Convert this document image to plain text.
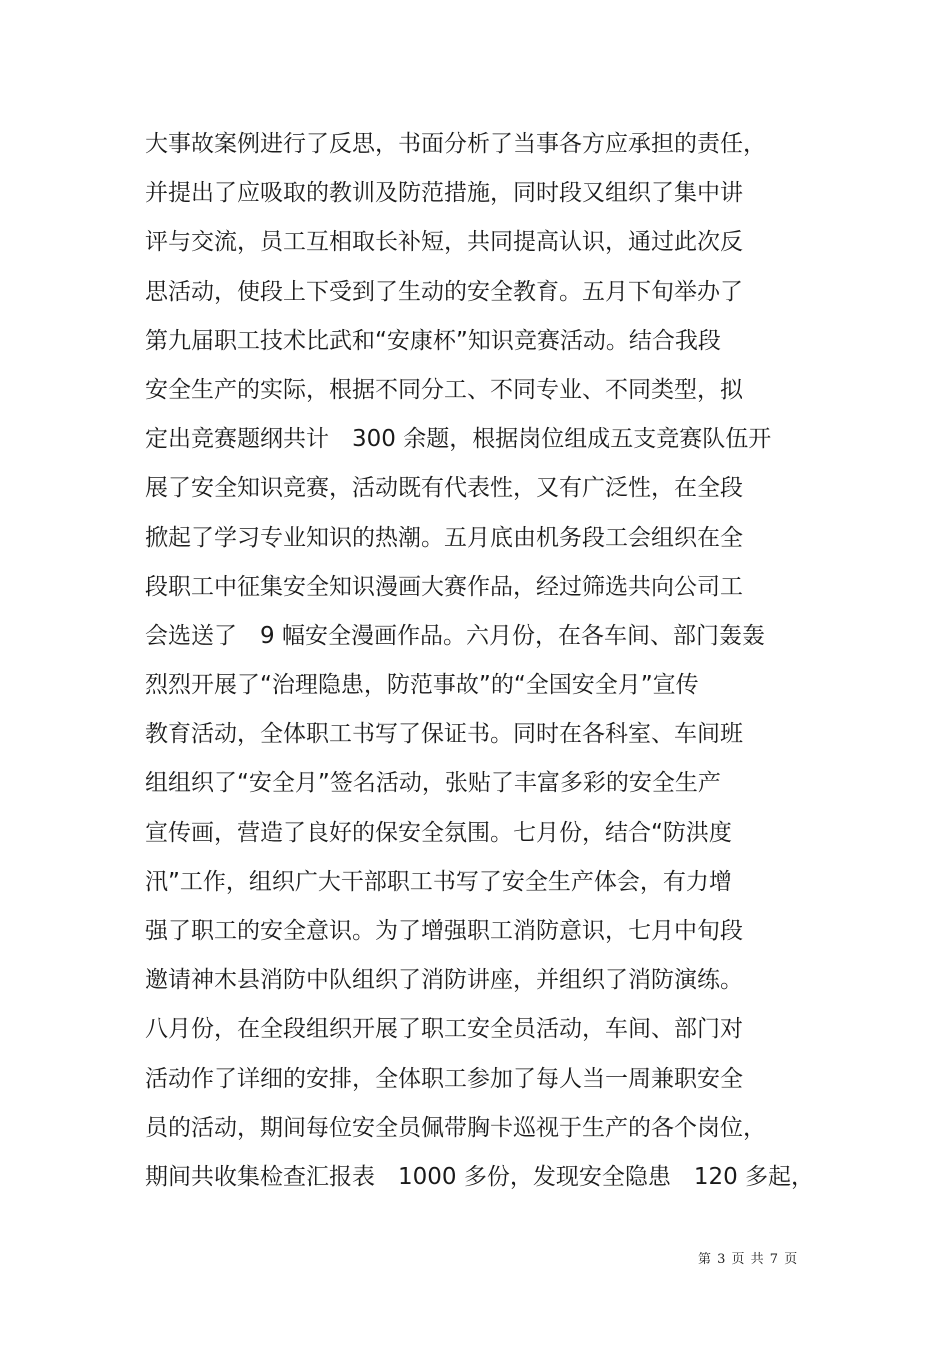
大事故案例进行了反思，书面分析了当事各方应承担的责任，
并提出了应吸取的教训及防范措施，同时段又组织了集中讲
评与交流，员工互相取长补短，共同提高认识，通过此次反
思活动，使段上下受到了生动的安全教育。五月下旬举办了
第九届职工技术比武和“安康杯”知识竞赛活动。结合我段
安全生产的实际，根据不同分工、不同专业、不同类型，拟
定出竞赛题纲共计　300 余题，根据岗位组成五支竞赛队伍开
展了安全知识竞赛，活动既有代表性，又有广泛性，在全段
掀起了学习专业知识的热潮。五月底由机务段工会组织在全
段职工中征集安全知识漫画大赛作品，经过筛选共向公司工
会选送了　9 幅安全漫画作品。六月份，在各车间、部门轰轰
烈烈开展了“治理隐患，防范事故”的“全国安全月”宣传
教育活动，全体职工书写了保证书。同时在各科室、车间班
组组织了“安全月”签名活动，张贴了丰富多彩的安全生产
宣传画，营造了良好的保安全氛围。七月份，结合“防洪度
汛”工作，组织广大干部职工书写了安全生产体会，有力增
强了职工的安全意识。为了增强职工消防意识，七月中旬段
邀请神木县消防中队组织了消防讲座，并组织了消防演练。
八月份，在全段组织开展了职工安全员活动，车间、部门对
活动作了详细的安排，全体职工参加了每人当一周兼职安全
员的活动，期间每位安全员佩带胸卡巡视于生产的各个岗位，
期间共收集检查汇报表　1000 多份，发现安全隐患　120 多起，
第 3 页 共 7 页
